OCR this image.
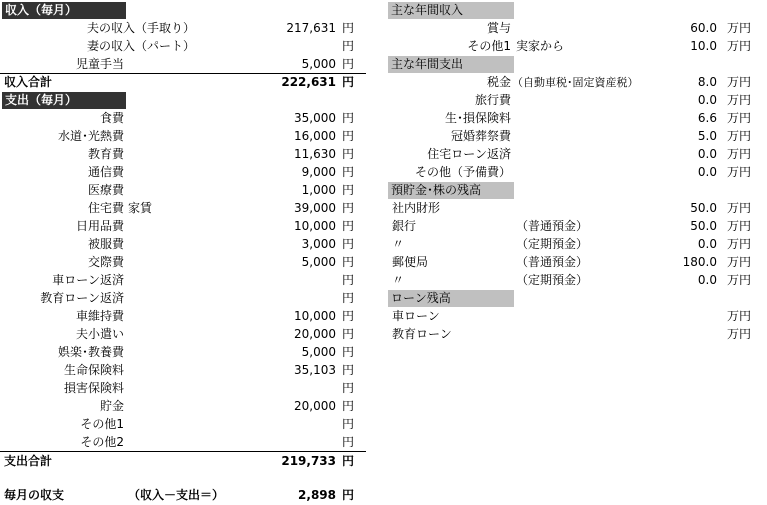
収入（毎月）
夫の収入（手取り）	217,631 円
妻の収入（パート）	円
児童手当	5,000 円
収入合計	222,631 円
支出（毎月）
食費	35,000 円
水道･光熱費	16,000 円
教育費	11,630 円
通信費	9,000 円
医療費	1,000 円
住宅費 家賃	39,000 円
日用品費	10,000 円
被服費	3,000 円
交際費	5,000 円
車ローン返済	円
教育ローン返済	円
車維持費	10,000 円
夫小遣い	20,000 円
娯楽･教養費	5,000 円
生命保険料	35,103 円
損害保険料	円
貯金	20,000 円
その他1	円
その他2	円
支出合計	219,733 円
毎月の収支	（収入－支出＝）	2,898 円
主な年間収入
賞与	60.0 万円
その他1 実家から	10.0 万円
主な年間支出
税金 （自動車税･固定資産税）	8.0 万円
旅行費	0.0 万円
生･損保険料	6.6 万円
冠婚葬祭費	5.0 万円
住宅ローン返済	0.0 万円
その他（予備費）	0.0 万円
預貯金･株の残高
社内財形	50.0 万円
銀行	（普通預金）	50.0 万円
〃	（定期預金）	0.0 万円
郵便局	（普通預金）	180.0 万円
〃	（定期預金）	0.0 万円
ローン残高
車ローン	万円
教育ローン	万円
